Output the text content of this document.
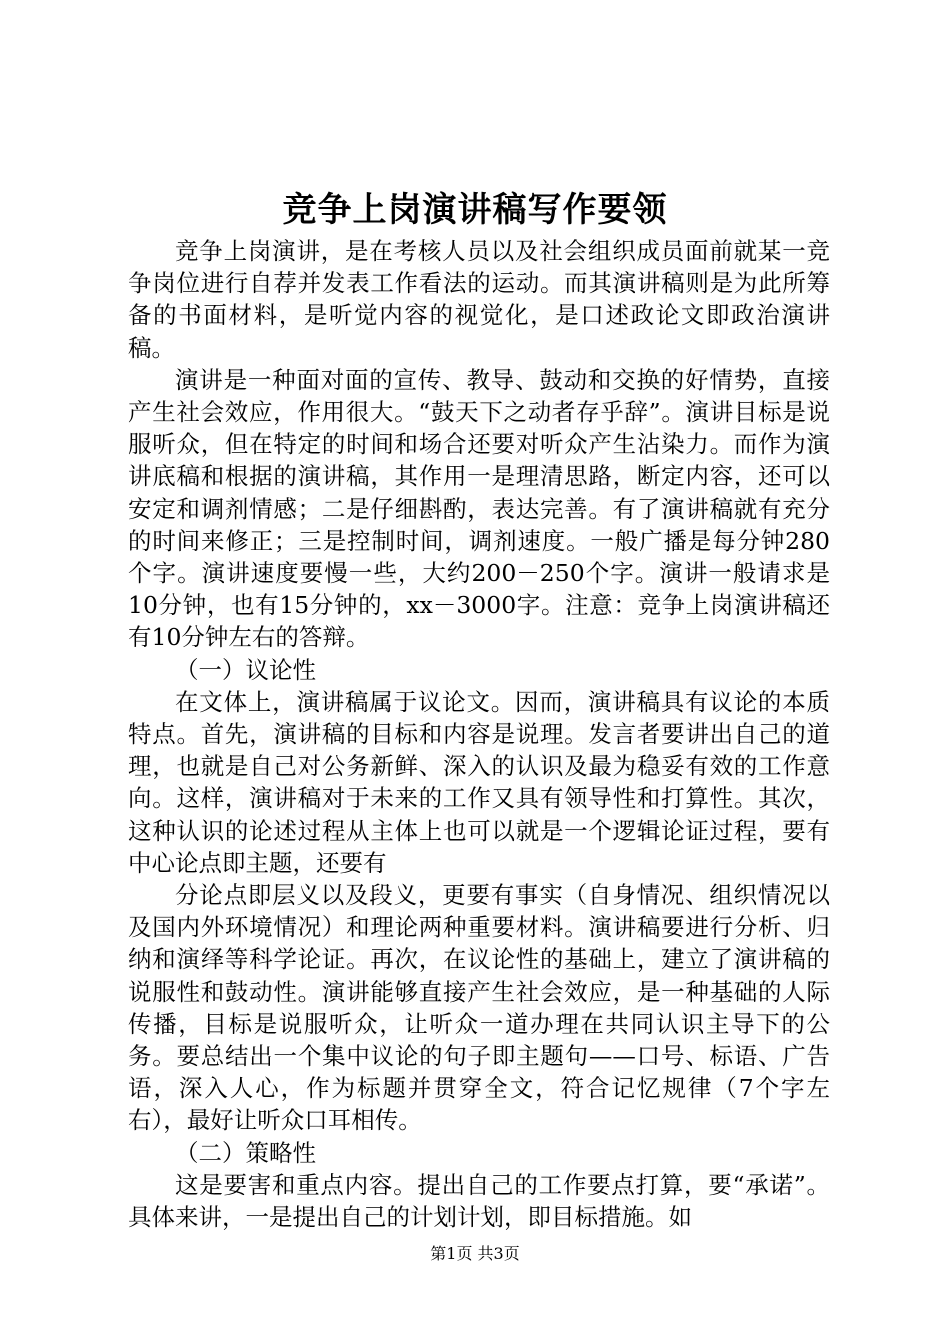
竞争上岗演讲稿写作要领

竞争上岗演讲，是在考核人员以及社会组织成员面前就某一竞争岗位进行自荐并发表工作看法的运动。而其演讲稿则是为此所筹备的书面材料，是听觉内容的视觉化，是口述政论文即政治演讲稿。

演讲是一种面对面的宣传、教导、鼓动和交换的好情势，直接产生社会效应，作用很大。“鼓天下之动者存乎辞”。演讲目标是说服听众，但在特定的时间和场合还要对听众产生沾染力。而作为演讲底稿和根据的演讲稿，其作用一是理清思路，断定内容，还可以安定和调剂情感；二是仔细斟酌，表达完善。有了演讲稿就有充分的时间来修正；三是控制时间，调剂速度。一般广播是每分钟280个字。演讲速度要慢一些，大约200－250个字。演讲一般请求是10分钟，也有15分钟的，xx－3000字。注意：竞争上岗演讲稿还有10分钟左右的答辩。

（一）议论性

在文体上，演讲稿属于议论文。因而，演讲稿具有议论的本质特点。首先，演讲稿的目标和内容是说理。发言者要讲出自己的道理，也就是自己对公务新鲜、深入的认识及最为稳妥有效的工作意向。这样，演讲稿对于未来的工作又具有领导性和打算性。其次，这种认识的论述过程从主体上也可以就是一个逻辑论证过程，要有中心论点即主题，还要有

分论点即层义以及段义，更要有事实（自身情况、组织情况以及国内外环境情况）和理论两种重要材料。演讲稿要进行分析、归纳和演绎等科学论证。再次，在议论性的基础上，建立了演讲稿的说服性和鼓动性。演讲能够直接产生社会效应，是一种基础的人际传播，目标是说服听众，让听众一道办理在共同认识主导下的公务。要总结出一个集中议论的句子即主题句——口号、标语、广告语，深入人心，作为标题并贯穿全文，符合记忆规律（7个字左右），最好让听众口耳相传。

（二）策略性

这是要害和重点内容。提出自己的工作要点打算，要“承诺”。具体来讲，一是提出自己的计划计划，即目标措施。如

第1页 共3页
